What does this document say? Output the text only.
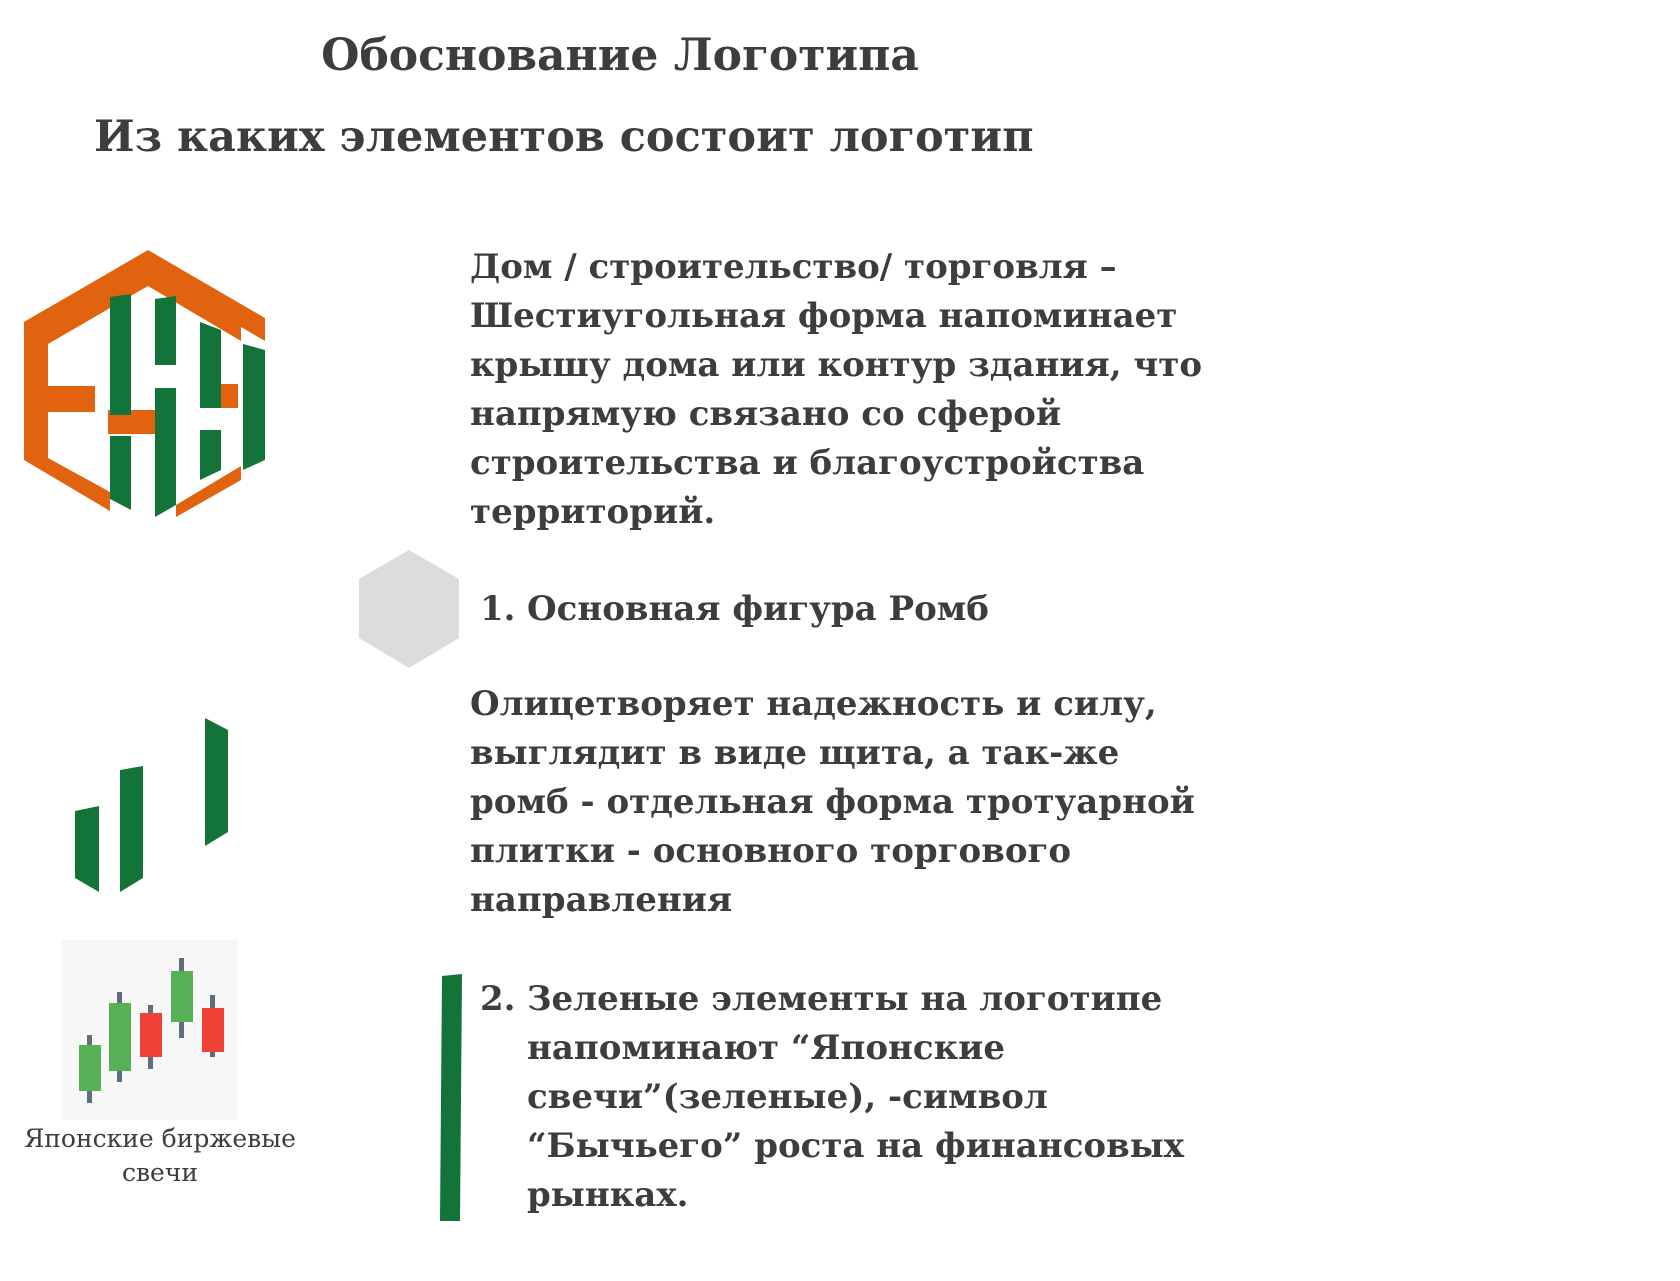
Обоснование Логотипа
Из каких элементов состоит логотип
Дом / строительство/ торговля –
Шестиугольная форма напоминает
крышу дома или контур здания, что
напрямую связано со сферой
строительства и благоустройства
территорий.
1. Основная фигура Ромб
Олицетворяет надежность и силу,
выглядит в виде щита, а так-же
ромб - отдельная форма тротуарной
плитки - основного торгового
направления
Японские биржевые
свечи
2. Зеленые элементы на логотипе
напоминают “Японские
свечи”(зеленые), -символ
“Бычьего” роста на финансовых
рынках.
